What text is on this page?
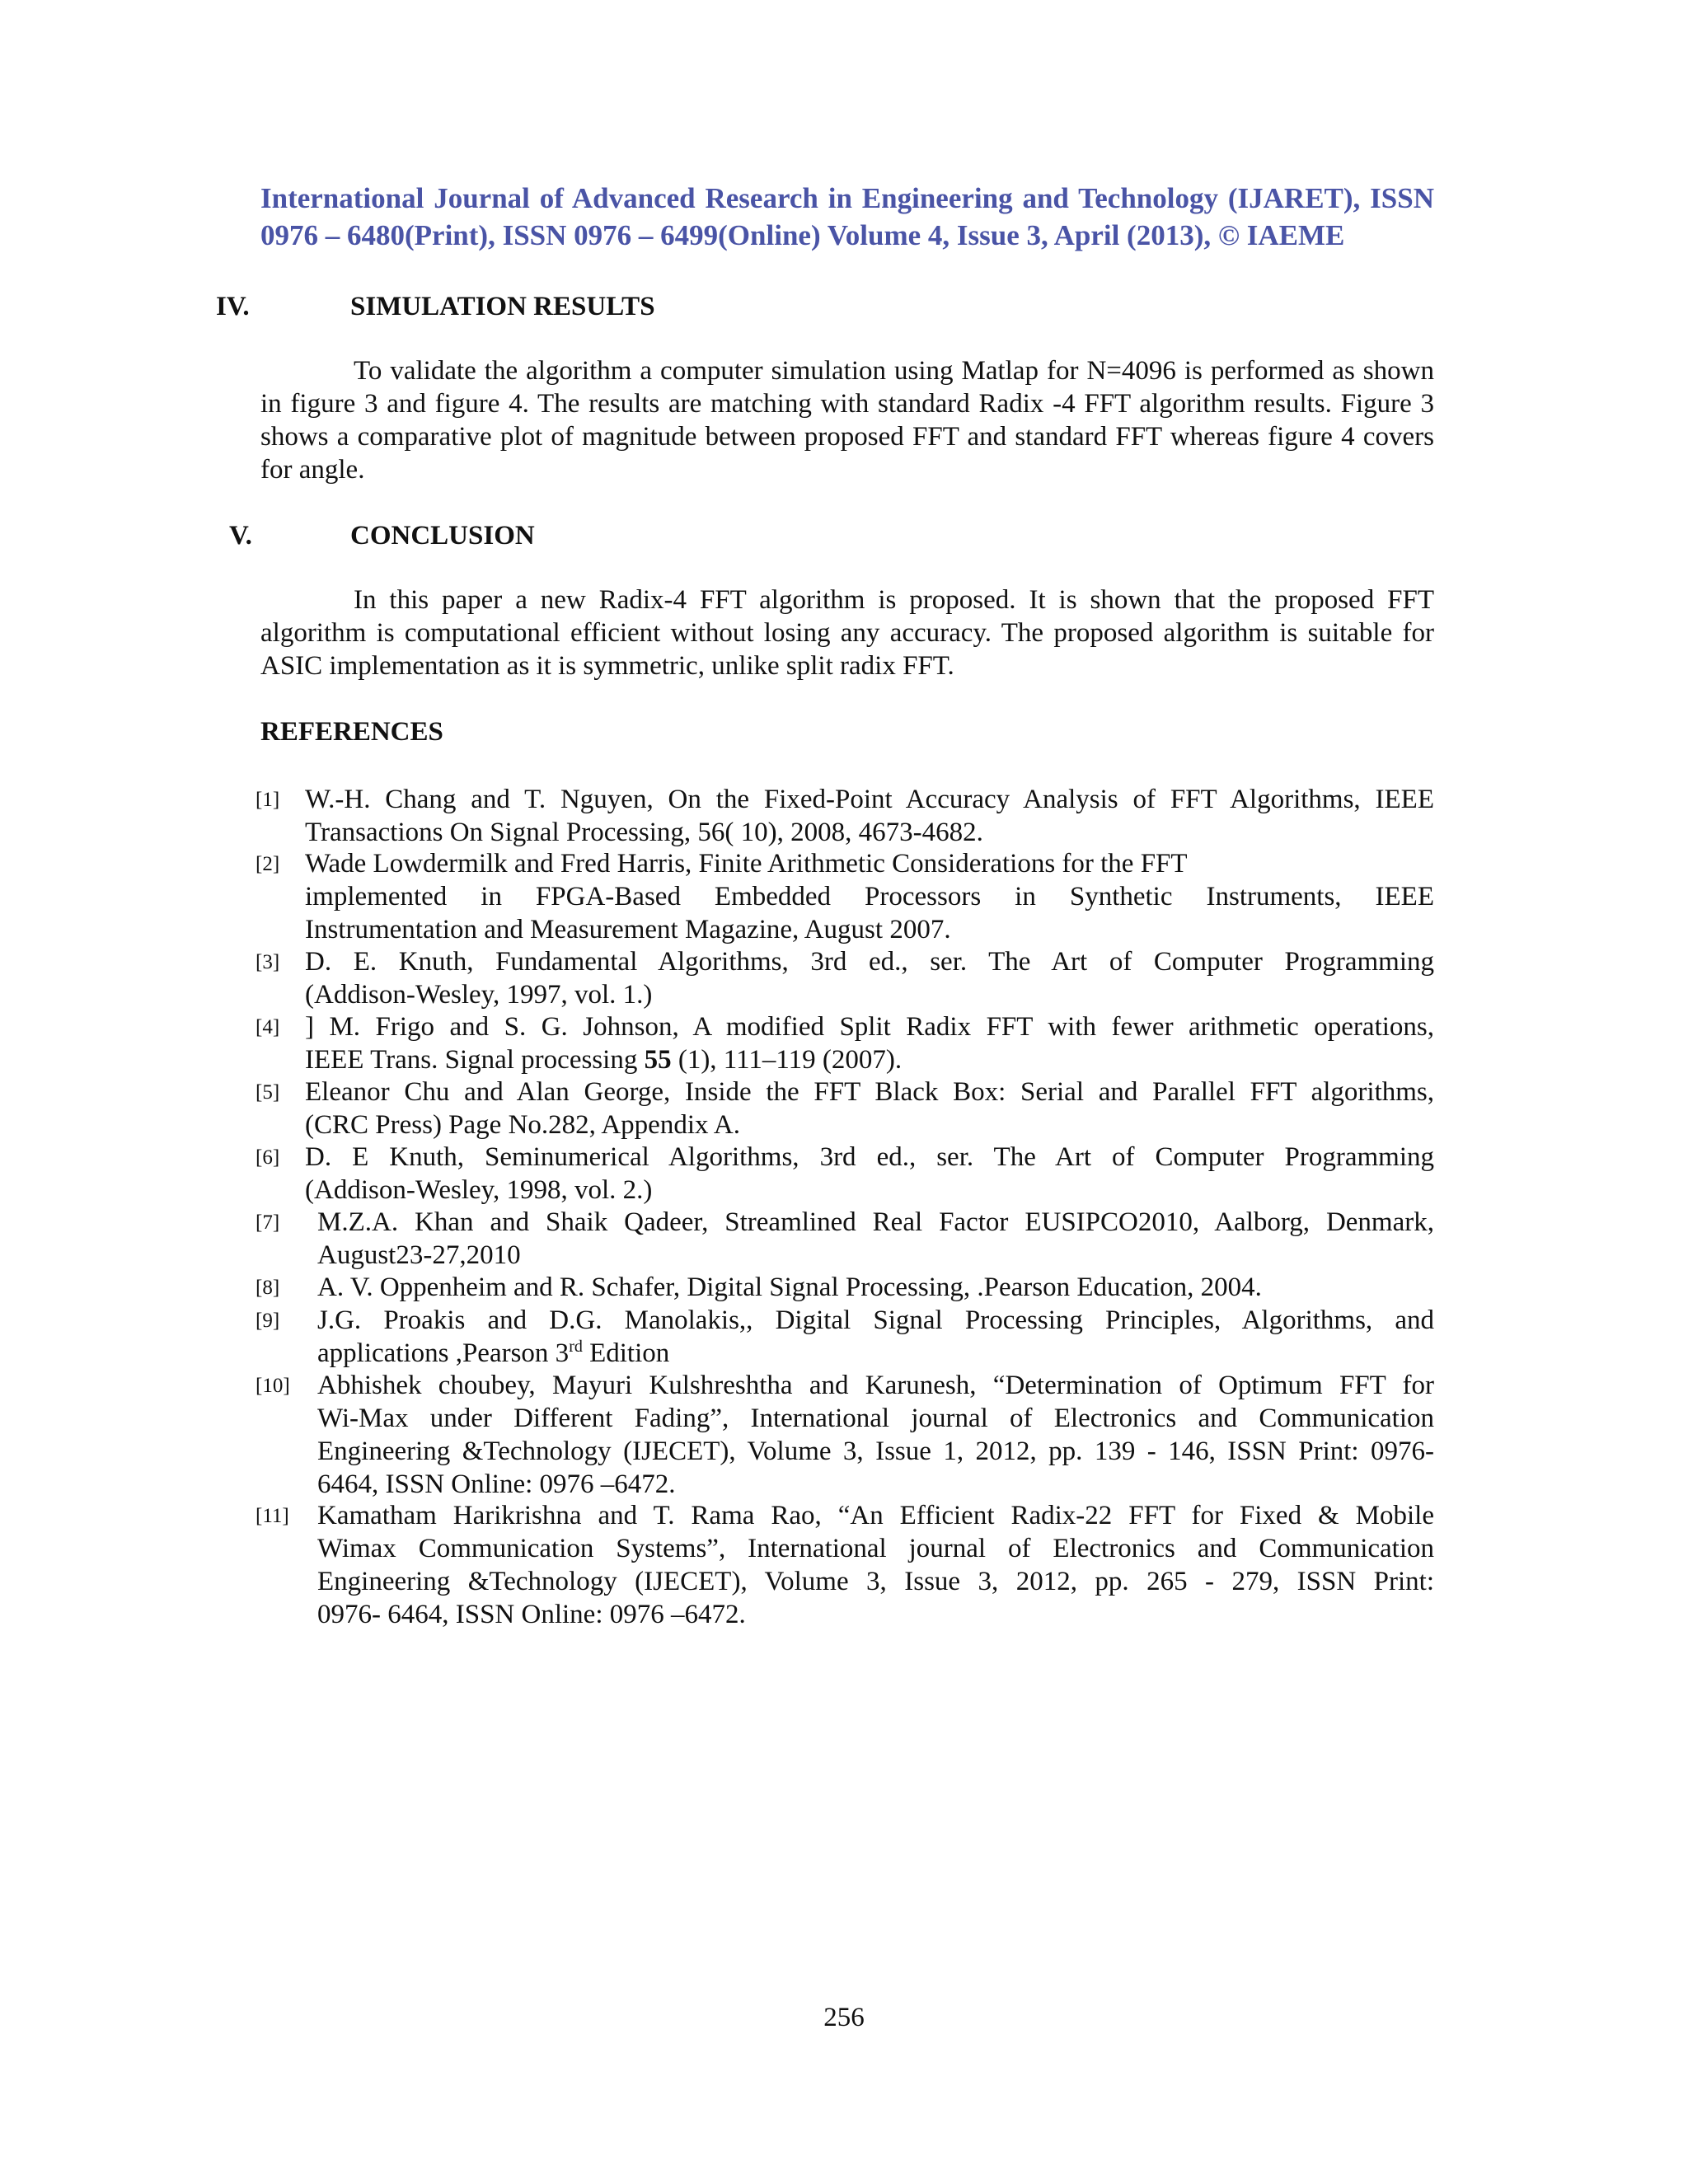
International Journal of Advanced Research in Engineering and Technology (IJARET), ISSN
0976 – 6480(Print), ISSN 0976 – 6499(Online) Volume 4, Issue 3, April (2013), © IAEME
IV.	SIMULATION RESULTS
To validate the algorithm a computer simulation using Matlap for N=4096 is performed as shown in figure 3 and figure 4. The results are matching with standard Radix -4 FFT algorithm results. Figure 3 shows a comparative plot of magnitude between proposed FFT and standard FFT whereas figure 4 covers for angle.
V.	CONCLUSION
In this paper a new Radix-4 FFT algorithm is proposed. It is shown that the proposed FFT algorithm is computational efficient without losing any accuracy. The proposed algorithm is suitable for ASIC implementation as it is symmetric, unlike split radix FFT.
REFERENCES
[1] W.-H. Chang and T. Nguyen, On the Fixed-Point Accuracy Analysis of FFT Algorithms, IEEE
Transactions On Signal Processing, 56( 10), 2008, 4673-4682.
[2] Wade Lowdermilk and Fred Harris, Finite Arithmetic Considerations for the FFT
implemented in FPGA-Based Embedded Processors in Synthetic Instruments, IEEE
Instrumentation and Measurement Magazine, August 2007.
[3] D. E. Knuth, Fundamental Algorithms, 3rd ed., ser. The Art of Computer Programming
(Addison-Wesley, 1997, vol. 1.)
[4] ] M. Frigo and S. G. Johnson, A modified Split Radix FFT with fewer arithmetic operations,
IEEE Trans. Signal processing 55 (1), 111–119 (2007).
[5] Eleanor Chu and Alan George, Inside the FFT Black Box: Serial and Parallel FFT algorithms,
(CRC Press) Page No.282, Appendix A.
[6] D. E Knuth, Seminumerical Algorithms, 3rd ed., ser. The Art of Computer Programming
(Addison-Wesley, 1998, vol. 2.)
[7] M.Z.A. Khan and Shaik Qadeer, Streamlined Real Factor EUSIPCO2010, Aalborg, Denmark,
August23-27,2010
[8] A. V. Oppenheim and R. Schafer, Digital Signal Processing, .Pearson Education, 2004.
[9] J.G. Proakis and D.G. Manolakis,, Digital Signal Processing Principles, Algorithms, and
applications ,Pearson 3rd Edition
[10] Abhishek choubey, Mayuri Kulshreshtha and Karunesh, “Determination of Optimum FFT for
Wi-Max under Different Fading”, International journal of Electronics and Communication
Engineering &Technology (IJECET), Volume 3, Issue 1, 2012, pp. 139 - 146, ISSN Print: 0976-
6464, ISSN Online: 0976 –6472.
[11] Kamatham Harikrishna and T. Rama Rao, “An Efficient Radix-22 FFT for Fixed & Mobile
Wimax Communication Systems”, International journal of Electronics and Communication
Engineering &Technology (IJECET), Volume 3, Issue 3, 2012, pp. 265 - 279, ISSN Print:
0976- 6464, ISSN Online: 0976 –6472.
256
